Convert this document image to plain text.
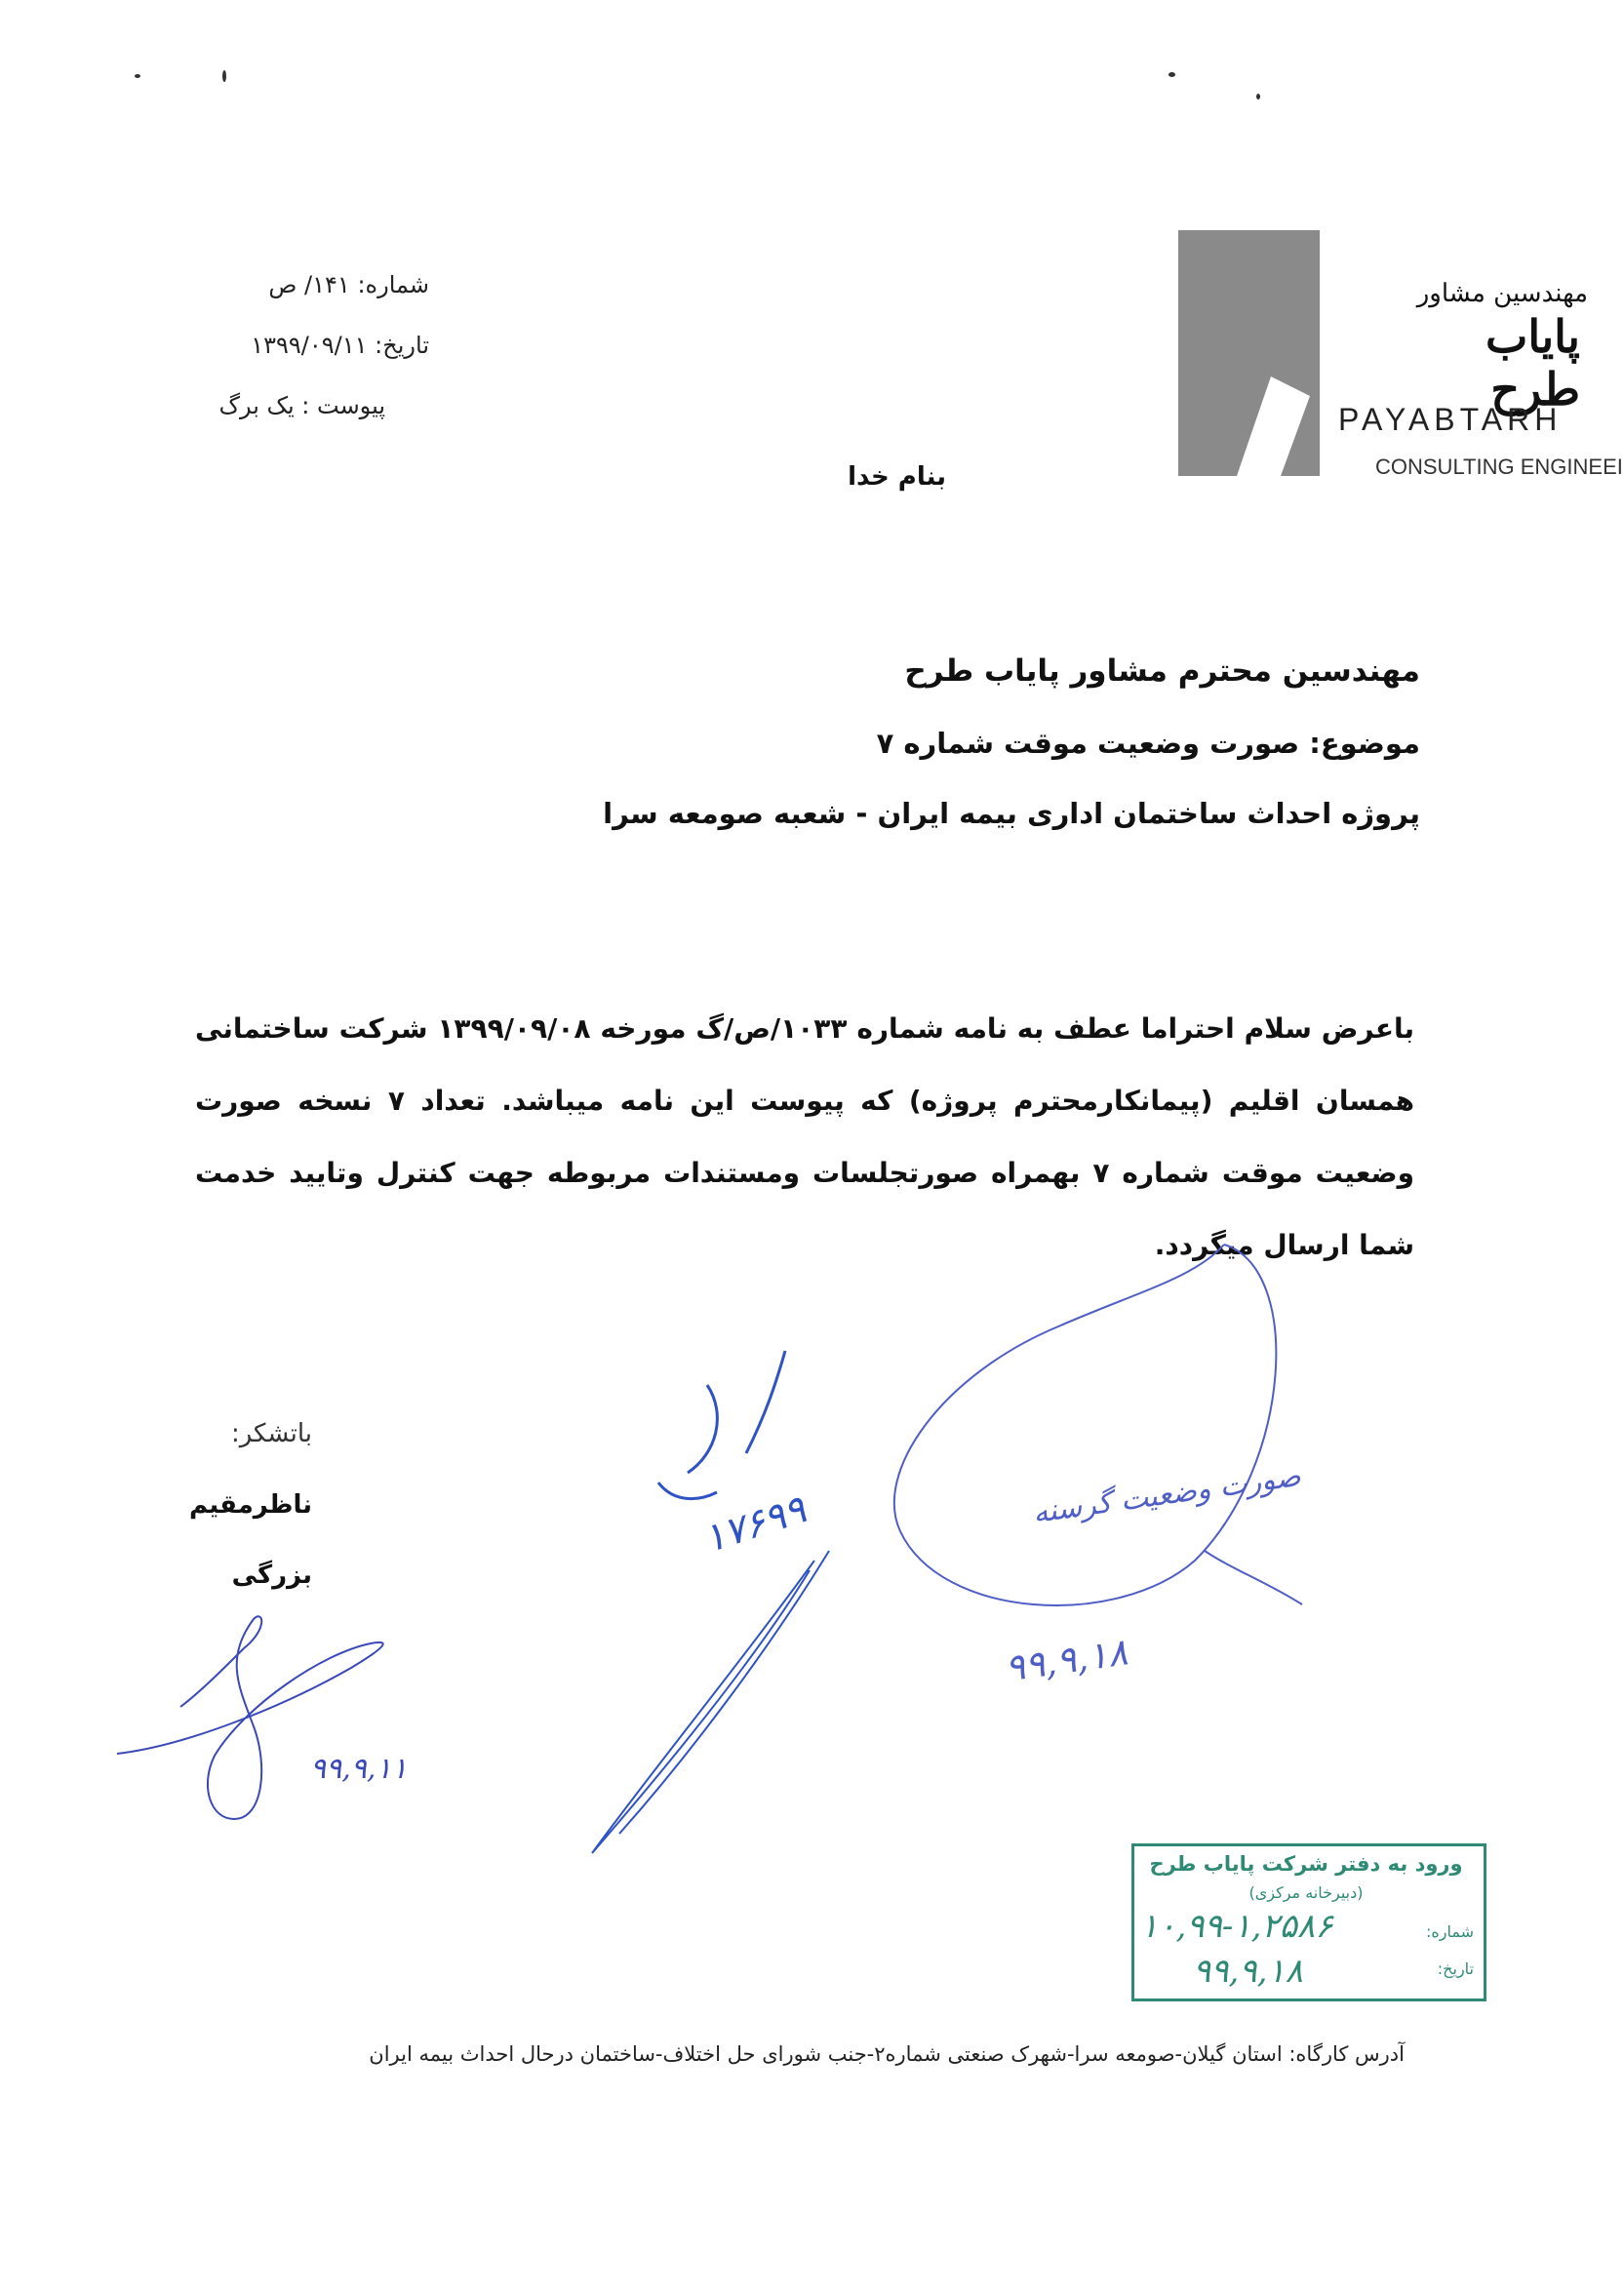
شماره: ۱۴۱/ ص
تاریخ: ۱۳۹۹/۰۹/۱۱
پیوست : یک برگ
مهندسین مشاور
پایاب طرح
PAYABTARH
CONSULTING ENGINEEI
بنام خدا
مهندسین محترم مشاور پایاب طرح
موضوع: صورت وضعیت موقت شماره ۷
پروژه احداث ساختمان اداری بیمه ایران - شعبه صومعه سرا
باعرض سلام احتراما عطف به نامه شماره ۱۰۳۳/ص/گ مورخه ۱۳۹۹/۰۹/۰۸ شرکت ساختمانی همسان اقلیم (پیمانکارمحترم پروژه) که پیوست این نامه میباشد. تعداد ۷ نسخه صورت وضعیت موقت شماره ۷ بهمراه صورتجلسات ومستندات مربوطه جهت کنترل وتایید خدمت شما ارسال میگردد.
باتشکر:
ناظرمقیم
بزرگی
۹۹,۹,۱۱
۱۷۶۹۹	صورت وضعیت گرسنه
۹۹,۹,۱۸
ورود به دفتر شرکت پایاب طرح
(دبیرخانه مرکزی)
شماره:
تاریخ:
۱۰,۹۹-۱,۲۵۸۶
۹۹,۹,۱۸
آدرس کارگاه: استان گیلان-صومعه سرا-شهرک صنعتی شماره۲-جنب شورای حل اختلاف-ساختمان درحال احداث بیمه ایران
